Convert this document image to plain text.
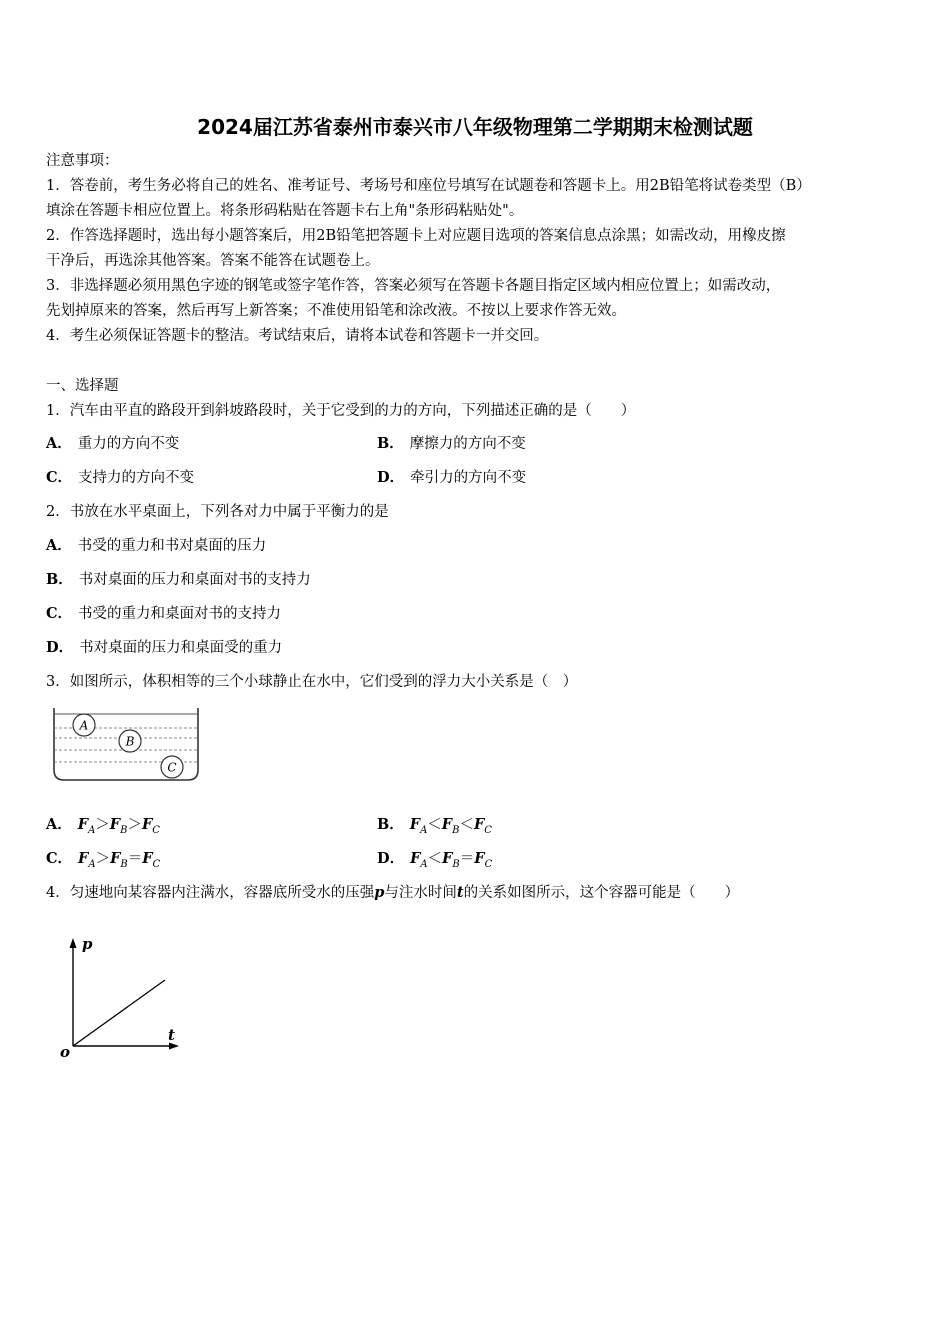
2024届江苏省泰州市泰兴市八年级物理第二学期期末检测试题
注意事项：
1．答卷前，考生务必将自己的姓名、准考证号、考场号和座位号填写在试题卷和答题卡上。用2B铅笔将试卷类型（B）
填涂在答题卡相应位置上。将条形码粘贴在答题卡右上角"条形码粘贴处"。
2．作答选择题时，选出每小题答案后，用2B铅笔把答题卡上对应题目选项的答案信息点涂黑；如需改动，用橡皮擦
干净后，再选涂其他答案。答案不能答在试题卷上。
3．非选择题必须用黑色字迹的钢笔或签字笔作答，答案必须写在答题卡各题目指定区域内相应位置上；如需改动，
先划掉原来的答案，然后再写上新答案；不准使用铅笔和涂改液。不按以上要求作答无效。
4．考生必须保证答题卡的整洁。考试结束后，请将本试卷和答题卡一并交回。
一、选择题
1．汽车由平直的路段开到斜坡路段时，关于它受到的力的方向，下列描述正确的是（　　）
A． 重力的方向不变	B． 摩擦力的方向不变
C． 支持力的方向不变	D． 牵引力的方向不变
2．书放在水平桌面上，下列各对力中属于平衡力的是
A． 书受的重力和书对桌面的压力
B． 书对桌面的压力和桌面对书的支持力
C． 书受的重力和桌面对书的支持力
D． 书对桌面的压力和桌面受的重力
3．如图所示，体积相等的三个小球静止在水中，它们受到的浮力大小关系是（　）
A
B
C
A． $F_A>F_B>F_C$	B． $F_A<F_B<F_C$
C． $F_A>F_B=F_C$	D． $F_A<F_B=F_C$
4．匀速地向某容器内注满水，容器底所受水的压强p与注水时间t的关系如图所示，这个容器可能是（　　）
p
t
o
